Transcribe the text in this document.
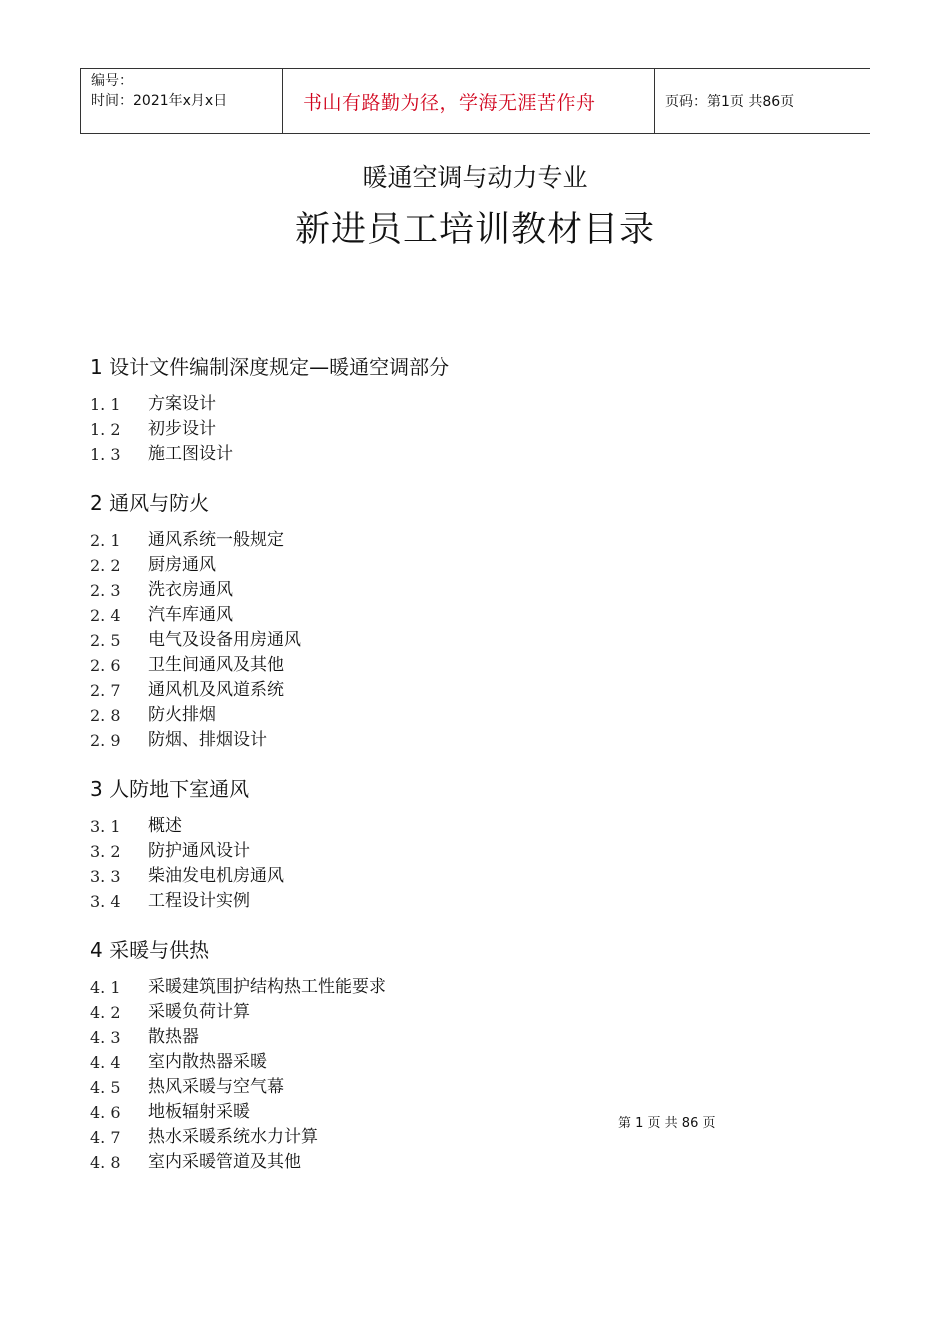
编号：
时间：2021年x月x日	书山有路勤为径，学海无涯苦作舟	页码：第1页 共86页
暖通空调与动力专业
新进员工培训教材目录
1 设计文件编制深度规定—暖通空调部分
1. 1	方案设计
1. 2	初步设计
1. 3	施工图设计
2 通风与防火
2. 1	通风系统一般规定
2. 2	厨房通风
2. 3	洗衣房通风
2. 4	汽车库通风
2. 5	电气及设备用房通风
2. 6	卫生间通风及其他
2. 7	通风机及风道系统
2. 8	防火排烟
2. 9	防烟、排烟设计
3 人防地下室通风
3. 1	概述
3. 2	防护通风设计
3. 3	柴油发电机房通风
3. 4	工程设计实例
4 采暖与供热
4. 1	采暖建筑围护结构热工性能要求
4. 2	采暖负荷计算
4. 3	散热器
4. 4	室内散热器采暖
4. 5	热风采暖与空气幕
4. 6	地板辐射采暖
4. 7	热水采暖系统水力计算
4. 8	室内采暖管道及其他
第 1 页 共 86 页
